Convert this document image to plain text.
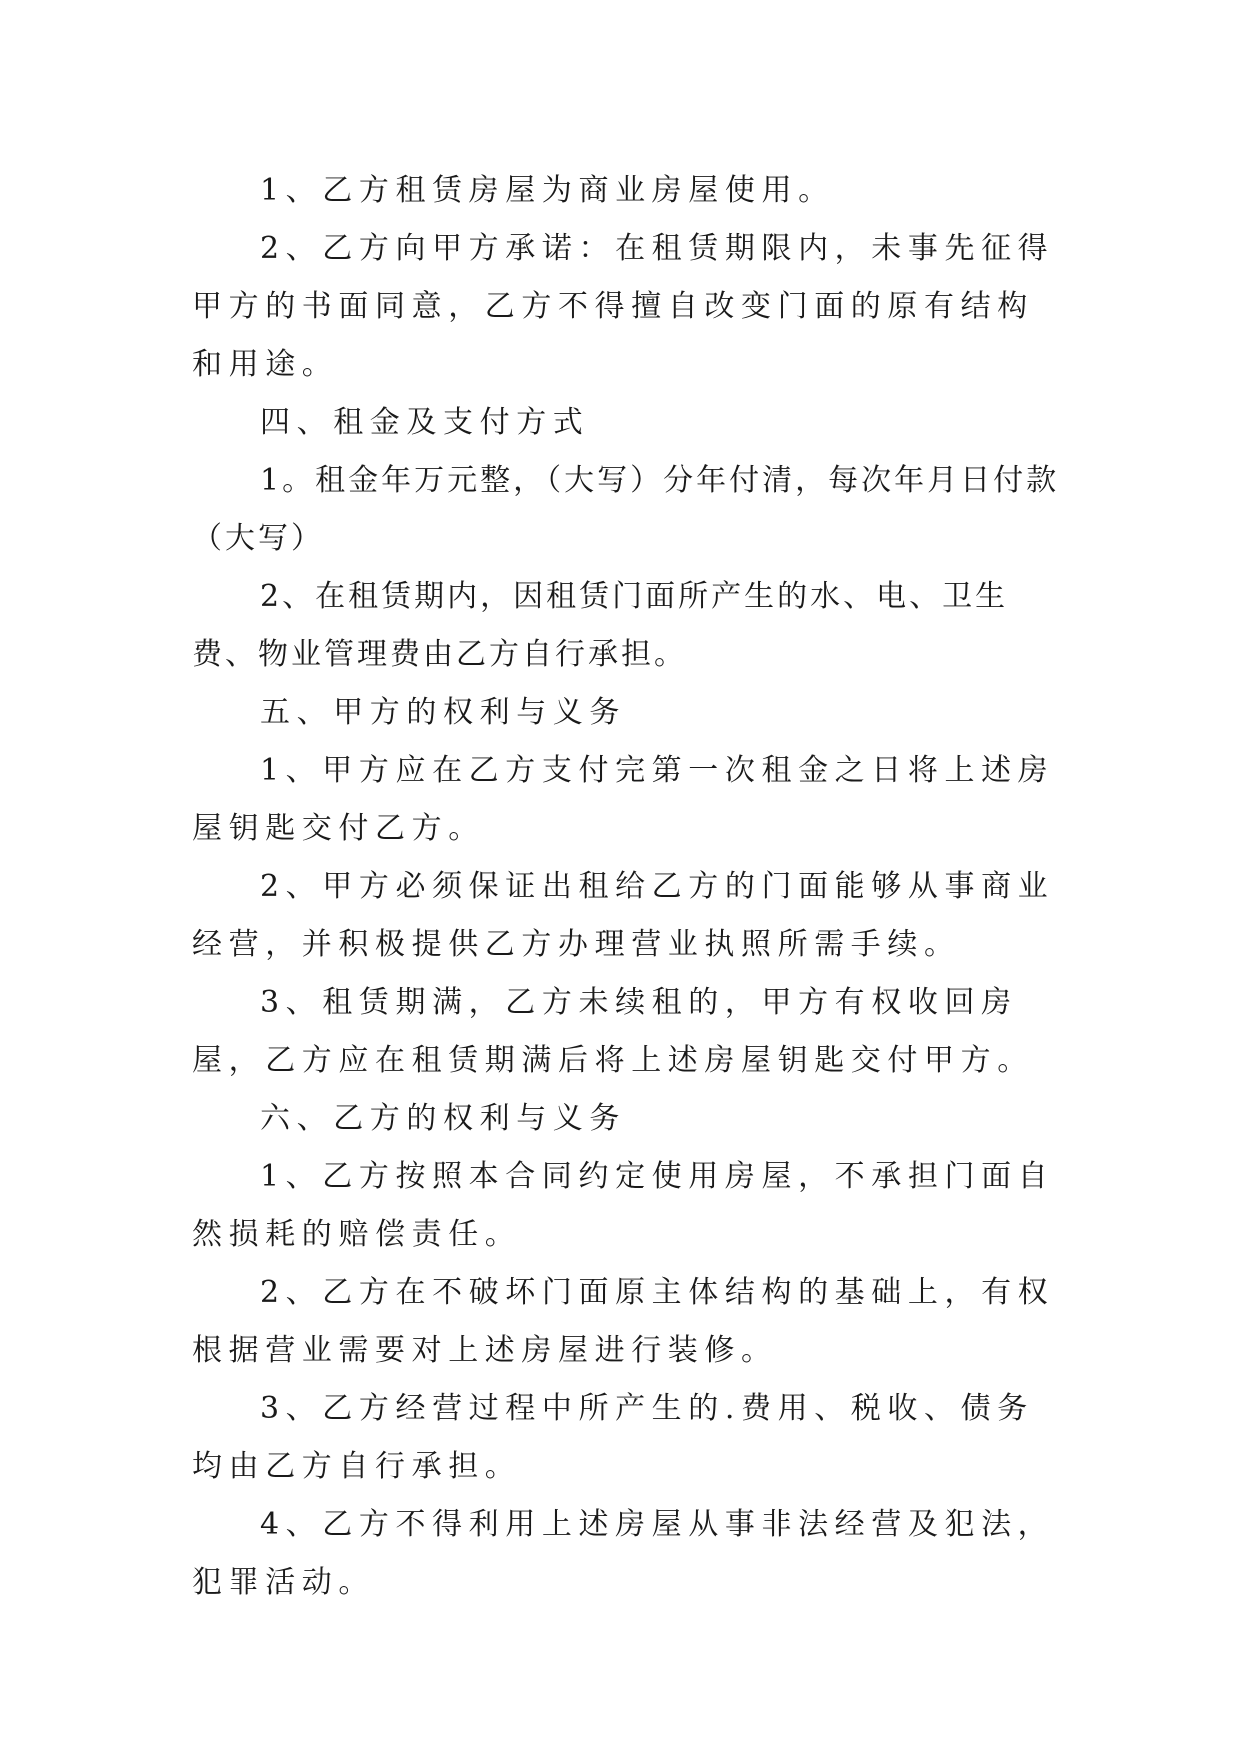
1、乙方租赁房屋为商业房屋使用。

2、乙方向甲方承诺：在租赁期限内，未事先征得甲方的书面同意，乙方不得擅自改变门面的原有结构和用途。

四、租金及支付方式

1。租金年万元整，（大写）分年付清，每次年月日付款（大写）

2、在租赁期内，因租赁门面所产生的水、电、卫生费、物业管理费由乙方自行承担。

五、甲方的权利与义务

1、甲方应在乙方支付完第一次租金之日将上述房屋钥匙交付乙方。

2、甲方必须保证出租给乙方的门面能够从事商业经营，并积极提供乙方办理营业执照所需手续。

3、租赁期满，乙方未续租的，甲方有权收回房屋，乙方应在租赁期满后将上述房屋钥匙交付甲方。

六、乙方的权利与义务

1、乙方按照本合同约定使用房屋，不承担门面自然损耗的赔偿责任。

2、乙方在不破坏门面原主体结构的基础上，有权根据营业需要对上述房屋进行装修。

3、乙方经营过程中所产生的.费用、税收、债务均由乙方自行承担。

4、乙方不得利用上述房屋从事非法经营及犯法，犯罪活动。
